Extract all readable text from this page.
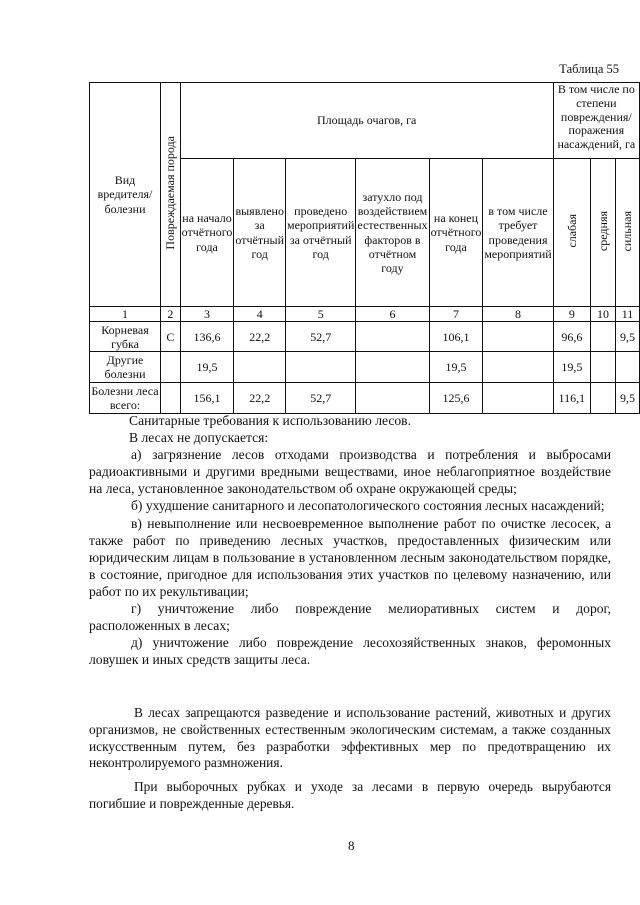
Таблица 55
Вид вредителя/болезни	Повреждаемая порода	Площадь очагов, га						В том числе по степени повреждения/поражения насаждений, га		
		на начало отчётного года	выявлено за отчётный год	проведено мероприятий за отчётный год	затухло под воздействием естественных факторов в отчётном году	на конец отчётного года	в том числе требует проведения мероприятий	слабая	средняя	сильная
1	2	3	4	5	6	7	8	9	10	11
Корневая губка	С	136,6	22,2	52,7		106,1		96,6		9,5
Другие болезни		19,5				19,5		19,5		
Болезни леса всего:		156,1	22,2	52,7		125,6		116,1		9,5

Санитарные требования к использованию лесов.

В лесах не допускается:

а) загрязнение лесов отходами производства и потребления и выбросами радиоактивными и другими вредными веществами, иное неблагоприятное воздействие на леса, установленное законодательством об охране окружающей среды;

б) ухудшение санитарного и лесопатологического состояния лесных насаждений;

в) невыполнение или несвоевременное выполнение работ по очистке лесосек, а также работ по приведению лесных участков, предоставленных физическим или юридическим лицам в пользование в установленном лесным законодательством порядке, в состояние, пригодное для использования этих участков по целевому назначению, или работ по их рекультивации;

г) уничтожение либо повреждение мелиоративных систем и дорог, расположенных в лесах;

д) уничтожение либо повреждение лесохозяйственных знаков, феромонных ловушек и иных средств защиты леса.

В лесах запрещаются разведение и использование растений, животных и других организмов, не свойственных естественным экологическим системам, а также созданных искусственным путем, без разработки эффективных мер по предотвращению их неконтролируемого размножения.

При выборочных рубках и уходе за лесами в первую очередь вырубаются погибшие и поврежденные деревья.

8
